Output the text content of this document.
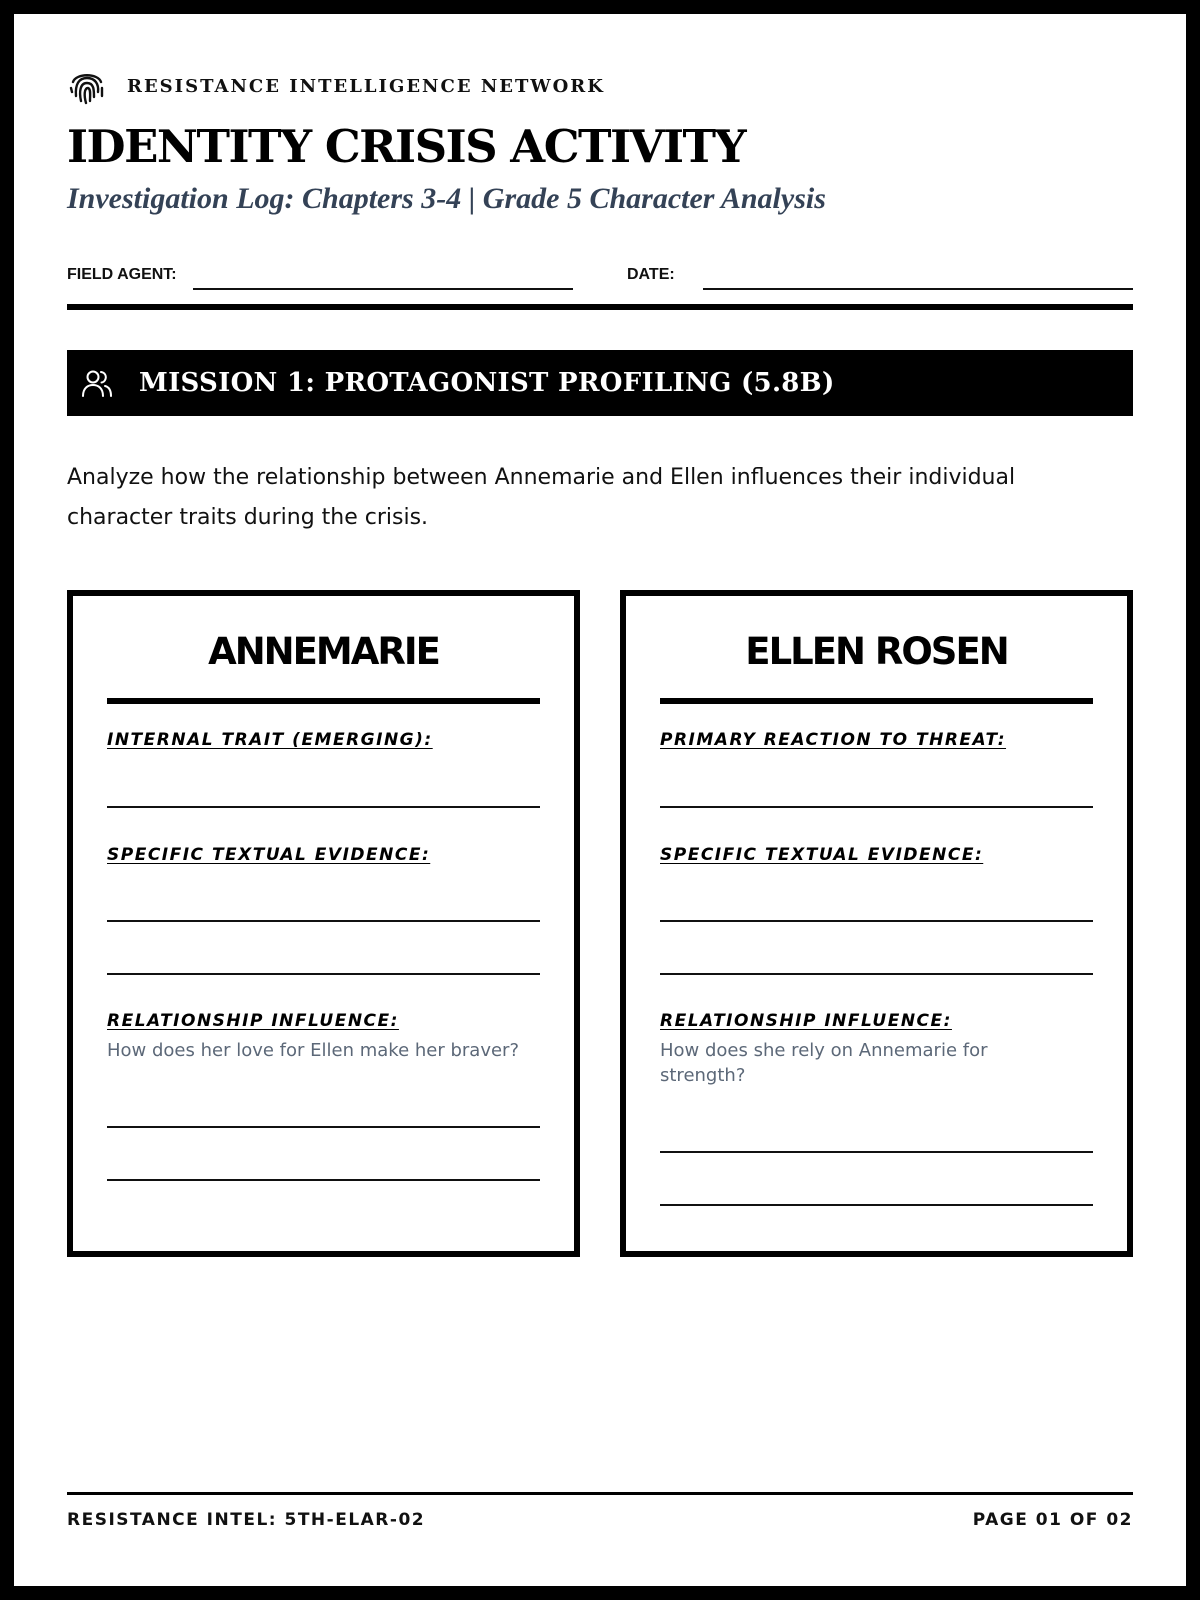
RESISTANCE INTELLIGENCE NETWORK
IDENTITY CRISIS ACTIVITY
Investigation Log: Chapters 3-4 | Grade 5 Character Analysis
FIELD AGENT:	DATE:
MISSION 1: PROTAGONIST PROFILING (5.8B)
Analyze how the relationship between Annemarie and Ellen influences their individual character traits during the crisis.
ANNEMARIE
INTERNAL TRAIT (EMERGING):
SPECIFIC TEXTUAL EVIDENCE:
RELATIONSHIP INFLUENCE:
How does her love for Ellen make her braver?
ELLEN ROSEN
PRIMARY REACTION TO THREAT:
SPECIFIC TEXTUAL EVIDENCE:
RELATIONSHIP INFLUENCE:
How does she rely on Annemarie for strength?
RESISTANCE INTEL: 5TH-ELAR-02	PAGE 01 OF 02
